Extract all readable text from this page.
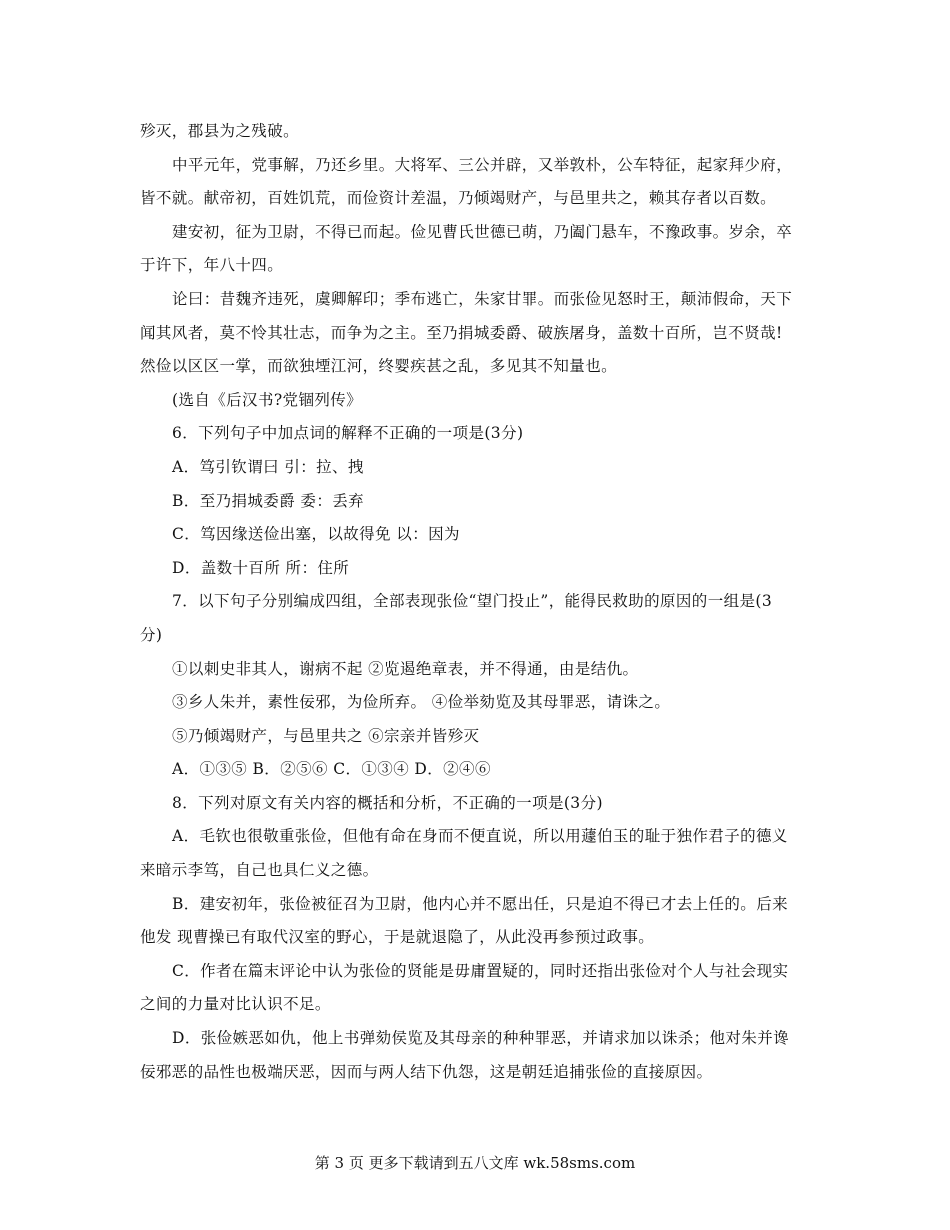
殄灭，郡县为之残破。
中平元年，党事解，乃还乡里。大将军、三公并辟，又举敦朴，公车特征，起家拜少府，
皆不就。献帝初，百姓饥荒，而俭资计差温，乃倾竭财产，与邑里共之，赖其存者以百数。
建安初，征为卫尉，不得已而起。俭见曹氏世德已萌，乃阖门悬车，不豫政事。岁余，卒
于许下，年八十四。
论曰：昔魏齐违死，虞卿解印；季布逃亡，朱家甘罪。而张俭见怒时王，颠沛假命，天下
闻其风者，莫不怜其壮志，而争为之主。至乃捐城委爵、破族屠身，盖数十百所，岂不贤哉!
然俭以区区一掌，而欲独堙江河，终婴疾甚之乱，多见其不知量也。
(选自《后汉书?党锢列传》
6．下列句子中加点词的解释不正确的一项是(3分)
A．笃引钦谓曰 引：拉、拽
B．至乃捐城委爵 委：丢弃
C．笃因缘送俭出塞，以故得免 以：因为
D．盖数十百所 所：住所
7．以下句子分别编成四组，全部表现张俭“望门投止”，能得民救助的原因的一组是(3
分)
①以刺史非其人，谢病不起 ②览遏绝章表，并不得通，由是结仇。
③乡人朱并，素性佞邪，为俭所弃。 ④俭举劾览及其母罪恶，请诛之。
⑤乃倾竭财产，与邑里共之 ⑥宗亲并皆殄灭
A．①③⑤ B．②⑤⑥ C．①③④ D．②④⑥
8．下列对原文有关内容的概括和分析，不正确的一项是(3分)
A．毛钦也很敬重张俭，但他有命在身而不便直说，所以用蘧伯玉的耻于独作君子的德义
来暗示李笃，自己也具仁义之德。
B．建安初年，张俭被征召为卫尉，他内心并不愿出任，只是迫不得已才去上任的。后来
他发 现曹操已有取代汉室的野心，于是就退隐了，从此没再参预过政事。
C．作者在篇末评论中认为张俭的贤能是毋庸置疑的，同时还指出张俭对个人与社会现实
之间的力量对比认识不足。
D．张俭嫉恶如仇，他上书弹劾侯览及其母亲的种种罪恶，并请求加以诛杀；他对朱并谗
佞邪恶的品性也极端厌恶，因而与两人结下仇怨，这是朝廷追捕张俭的直接原因。
第 3 页 更多下载请到五八文库 wk.58sms.com
